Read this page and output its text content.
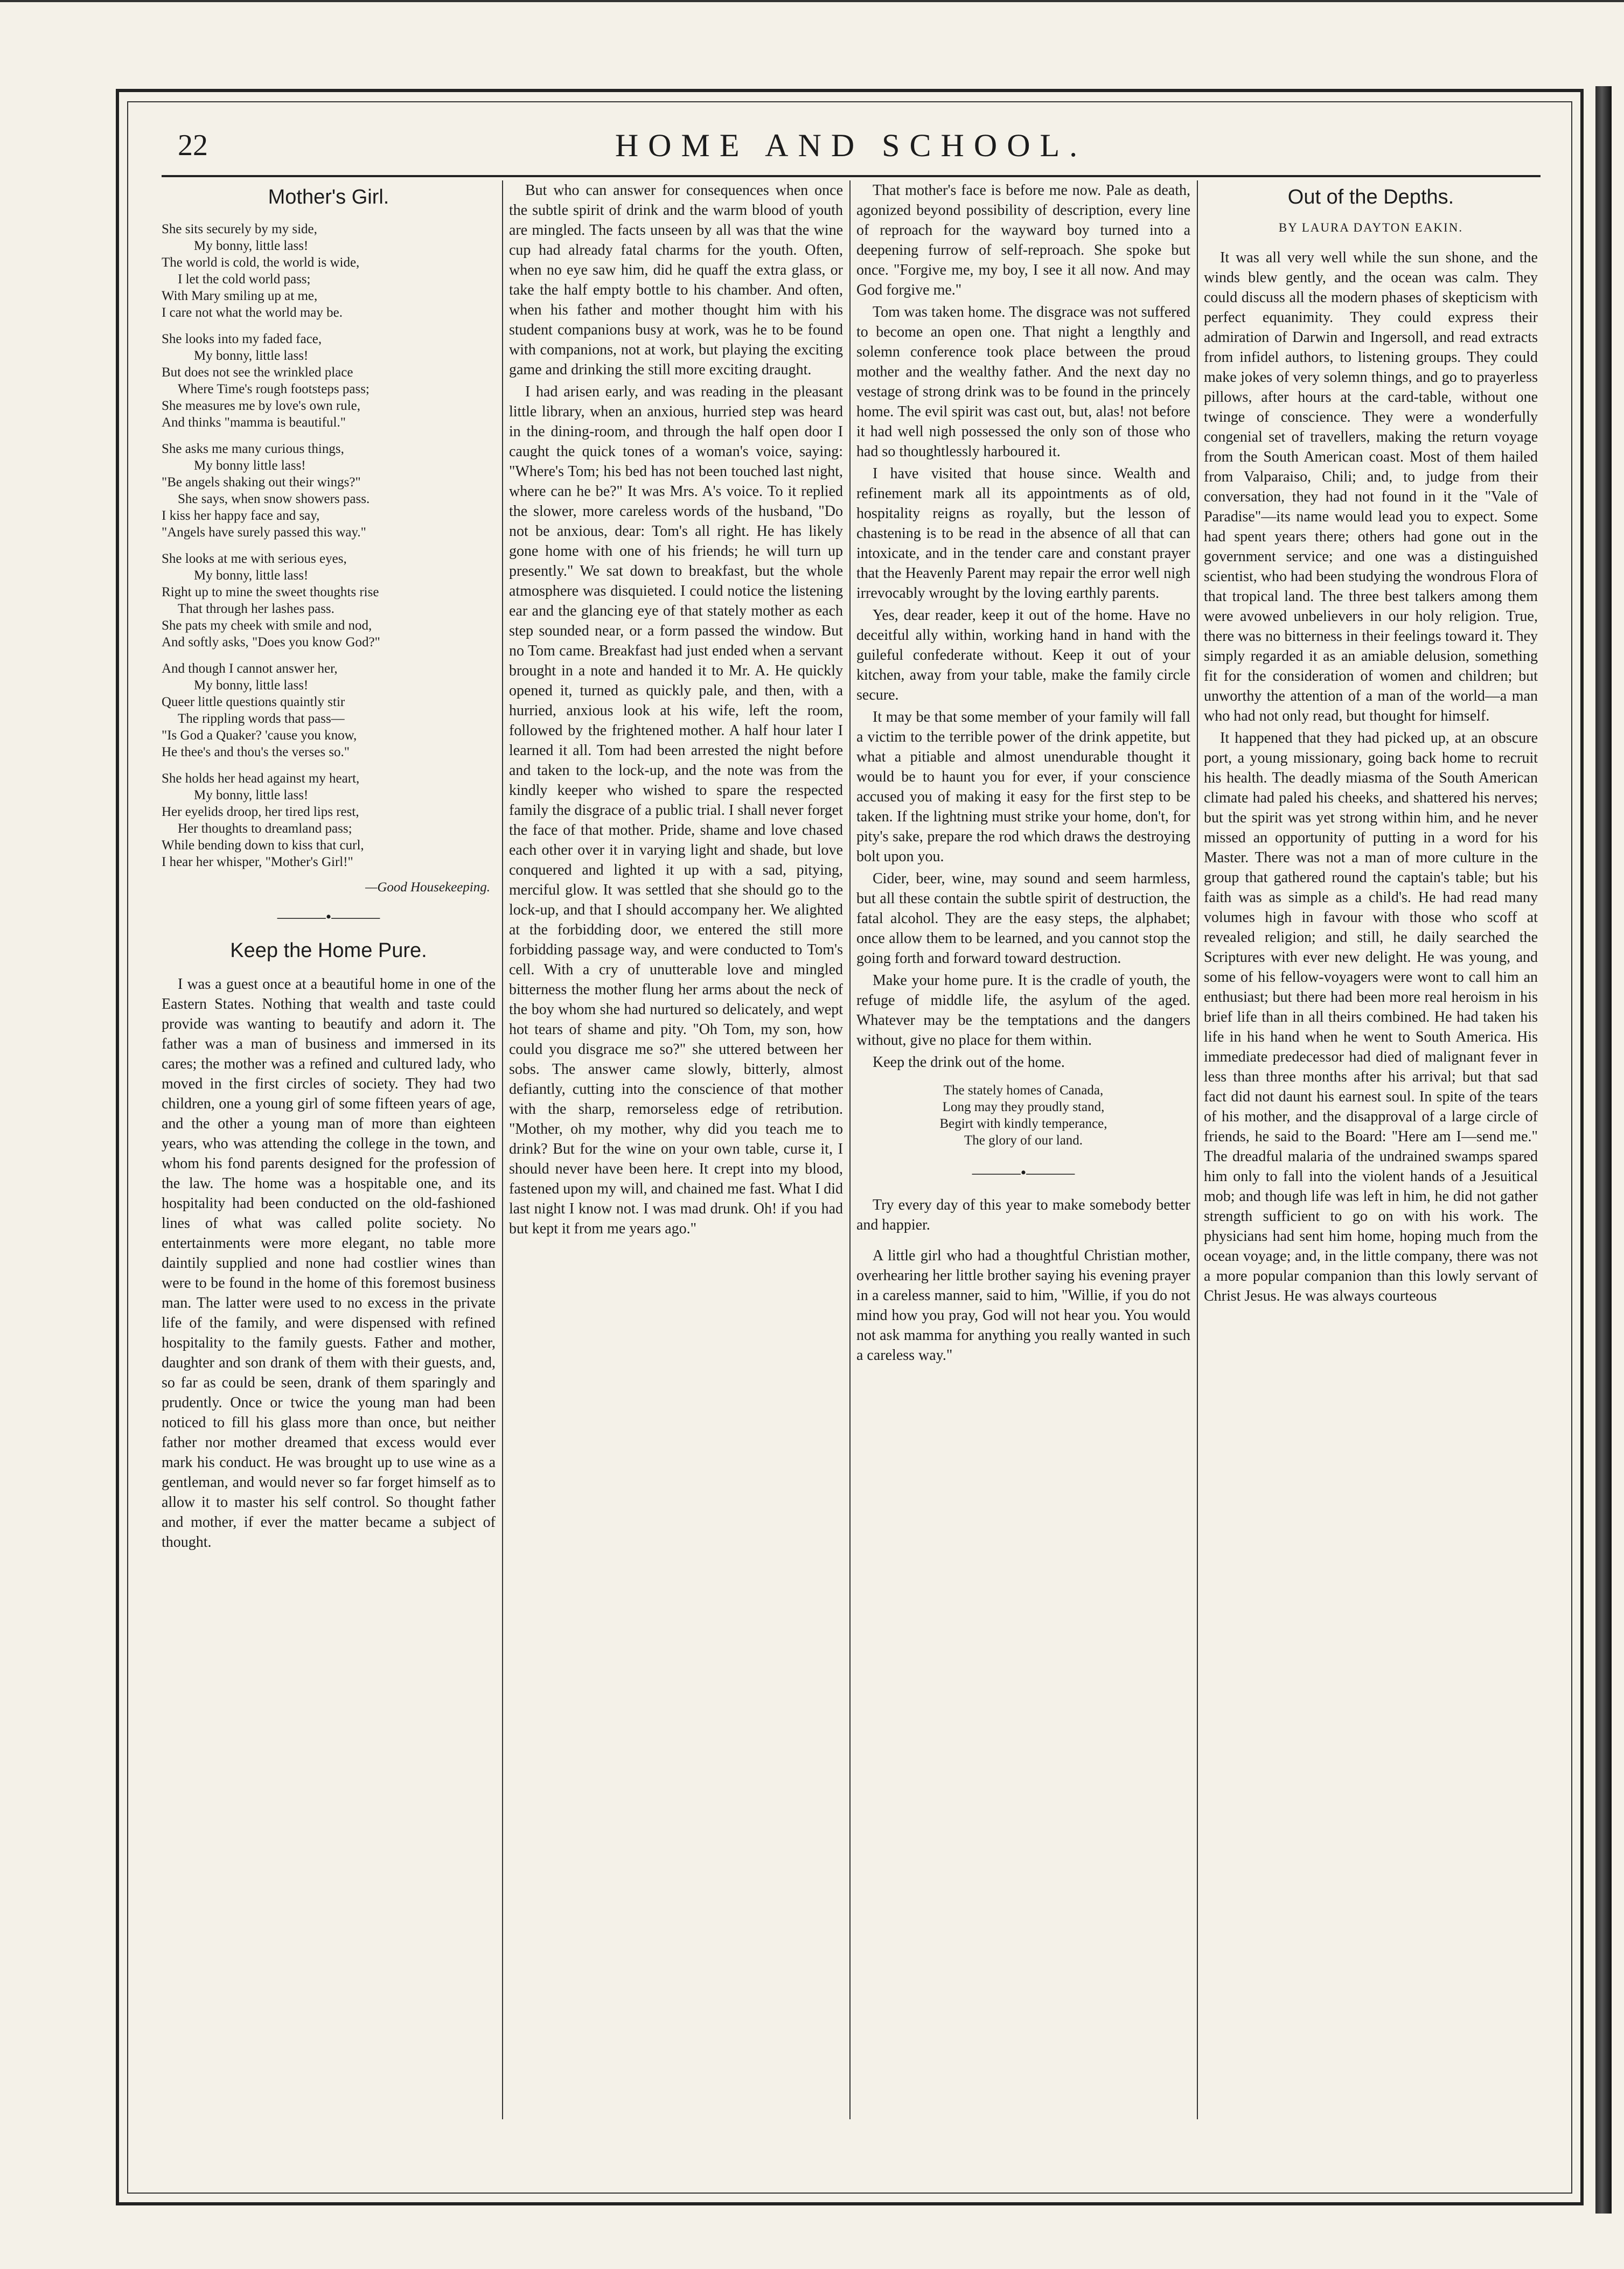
22	HOME AND SCHOOL.
Mother's Girl.
She sits securely by my side,
My bonny, little lass!
The world is cold, the world is wide,
I let the cold world pass;
With Mary smiling up at me,
I care not what the world may be.
She looks into my faded face,
My bonny, little lass!
But does not see the wrinkled place
Where Time's rough footsteps pass;
She measures me by love's own rule,
And thinks "mamma is beautiful."
She asks me many curious things,
My bonny little lass!
"Be angels shaking out their wings?"
She says, when snow showers pass.
I kiss her happy face and say,
"Angels have surely passed this way."
She looks at me with serious eyes,
My bonny, little lass!
Right up to mine the sweet thoughts rise
That through her lashes pass.
She pats my cheek with smile and nod,
And softly asks, "Does you know God?"
And though I cannot answer her,
My bonny, little lass!
Queer little questions quaintly stir
The rippling words that pass—
"Is God a Quaker? 'cause you know,
He thee's and thou's the verses so."
She holds her head against my heart,
My bonny, little lass!
Her eyelids droop, her tired lips rest,
Her thoughts to dreamland pass;
While bending down to kiss that curl,
I hear her whisper, "Mother's Girl!"
—Good Housekeeping.
———•———
Keep the Home Pure.

I was a guest once at a beautiful home in one of the Eastern States. Nothing that wealth and taste could provide was wanting to beautify and adorn it. The father was a man of business and immersed in its cares; the mother was a refined and cultured lady, who moved in the first circles of society. They had two children, one a young girl of some fifteen years of age, and the other a young man of more than eighteen years, who was attending the college in the town, and whom his fond parents designed for the profession of the law. The home was a hospitable one, and its hospitality had been conducted on the old-fashioned lines of what was called polite society. No entertainments were more elegant, no table more daintily supplied and none had costlier wines than were to be found in the home of this foremost business man. The latter were used to no excess in the private life of the family, and were dispensed with refined hospitality to the family guests. Father and mother, daughter and son drank of them with their guests, and, so far as could be seen, drank of them sparingly and prudently. Once or twice the young man had been noticed to fill his glass more than once, but neither father nor mother dreamed that excess would ever mark his conduct. He was brought up to use wine as a gentleman, and would never so far forget himself as to allow it to master his self control. So thought father and mother, if ever the matter became a subject of thought.

But who can answer for consequences when once the subtle spirit of drink and the warm blood of youth are mingled. The facts unseen by all was that the wine cup had already fatal charms for the youth. Often, when no eye saw him, did he quaff the extra glass, or take the half empty bottle to his chamber. And often, when his father and mother thought him with his student companions busy at work, was he to be found with companions, not at work, but playing the exciting game and drinking the still more exciting draught.

I had arisen early, and was reading in the pleasant little library, when an anxious, hurried step was heard in the dining-room, and through the half open door I caught the quick tones of a woman's voice, saying: "Where's Tom; his bed has not been touched last night, where can he be?" It was Mrs. A's voice. To it replied the slower, more careless words of the husband, "Do not be anxious, dear: Tom's all right. He has likely gone home with one of his friends; he will turn up presently." We sat down to breakfast, but the whole atmosphere was disquieted. I could notice the listening ear and the glancing eye of that stately mother as each step sounded near, or a form passed the window. But no Tom came. Breakfast had just ended when a servant brought in a note and handed it to Mr. A. He quickly opened it, turned as quickly pale, and then, with a hurried, anxious look at his wife, left the room, followed by the frightened mother. A half hour later I learned it all. Tom had been arrested the night before and taken to the lock-up, and the note was from the kindly keeper who wished to spare the respected family the disgrace of a public trial. I shall never forget the face of that mother. Pride, shame and love chased each other over it in varying light and shade, but love conquered and lighted it up with a sad, pitying, merciful glow. It was settled that she should go to the lock-up, and that I should accompany her. We alighted at the forbidding door, we entered the still more forbidding passage way, and were conducted to Tom's cell. With a cry of unutterable love and mingled bitterness the mother flung her arms about the neck of the boy whom she had nurtured so delicately, and wept hot tears of shame and pity. "Oh Tom, my son, how could you disgrace me so?" she uttered between her sobs. The answer came slowly, bitterly, almost defiantly, cutting into the conscience of that mother with the sharp, remorseless edge of retribution. "Mother, oh my mother, why did you teach me to drink? But for the wine on your own table, curse it, I should never have been here. It crept into my blood, fastened upon my will, and chained me fast. What I did last night I know not. I was mad drunk. Oh! if you had but kept it from me years ago."

That mother's face is before me now. Pale as death, agonized beyond possibility of description, every line of reproach for the wayward boy turned into a deepening furrow of self-reproach. She spoke but once. "Forgive me, my boy, I see it all now. And may God forgive me."

Tom was taken home. The disgrace was not suffered to become an open one. That night a lengthly and solemn conference took place between the proud mother and the wealthy father. And the next day no vestage of strong drink was to be found in the princely home. The evil spirit was cast out, but, alas! not before it had well nigh possessed the only son of those who had so thoughtlessly harboured it.

I have visited that house since. Wealth and refinement mark all its appointments as of old, hospitality reigns as royally, but the lesson of chastening is to be read in the absence of all that can intoxicate, and in the tender care and constant prayer that the Heavenly Parent may repair the error well nigh irrevocably wrought by the loving earthly parents.

Yes, dear reader, keep it out of the home. Have no deceitful ally within, working hand in hand with the guileful confederate without. Keep it out of your kitchen, away from your table, make the family circle secure.

It may be that some member of your family will fall a victim to the terrible power of the drink appetite, but what a pitiable and almost unendurable thought it would be to haunt you for ever, if your conscience accused you of making it easy for the first step to be taken. If the lightning must strike your home, don't, for pity's sake, prepare the rod which draws the destroying bolt upon you.

Cider, beer, wine, may sound and seem harmless, but all these contain the subtle spirit of destruction, the fatal alcohol. They are the easy steps, the alphabet; once allow them to be learned, and you cannot stop the going forth and forward toward destruction.

Make your home pure. It is the cradle of youth, the refuge of middle life, the asylum of the aged. Whatever may be the temptations and the dangers without, give no place for them within.

Keep the drink out of the home.

The stately homes of Canada,
Long may they proudly stand,
Begirt with kindly temperance,
The glory of our land.
———•———

Try every day of this year to make somebody better and happier.

A little girl who had a thoughtful Christian mother, overhearing her little brother saying his evening prayer in a careless manner, said to him, "Willie, if you do not mind how you pray, God will not hear you. You would not ask mamma for anything you really wanted in such a careless way."

Out of the Depths.
BY LAURA DAYTON EAKIN.

It was all very well while the sun shone, and the winds blew gently, and the ocean was calm. They could discuss all the modern phases of skepticism with perfect equanimity. They could express their admiration of Darwin and Ingersoll, and read extracts from infidel authors, to listening groups. They could make jokes of very solemn things, and go to prayerless pillows, after hours at the card-table, without one twinge of conscience. They were a wonderfully congenial set of travellers, making the return voyage from the South American coast. Most of them hailed from Valparaiso, Chili; and, to judge from their conversation, they had not found in it the "Vale of Paradise"—its name would lead you to expect. Some had spent years there; others had gone out in the government service; and one was a distinguished scientist, who had been studying the wondrous Flora of that tropical land. The three best talkers among them were avowed unbelievers in our holy religion. True, there was no bitterness in their feelings toward it. They simply regarded it as an amiable delusion, something fit for the consideration of women and children; but unworthy the attention of a man of the world—a man who had not only read, but thought for himself.

It happened that they had picked up, at an obscure port, a young missionary, going back home to recruit his health. The deadly miasma of the South American climate had paled his cheeks, and shattered his nerves; but the spirit was yet strong within him, and he never missed an opportunity of putting in a word for his Master. There was not a man of more culture in the group that gathered round the captain's table; but his faith was as simple as a child's. He had read many volumes high in favour with those who scoff at revealed religion; and still, he daily searched the Scriptures with ever new delight. He was young, and some of his fellow-voyagers were wont to call him an enthusiast; but there had been more real heroism in his brief life than in all theirs combined. He had taken his life in his hand when he went to South America. His immediate predecessor had died of malignant fever in less than three months after his arrival; but that sad fact did not daunt his earnest soul. In spite of the tears of his mother, and the disapproval of a large circle of friends, he said to the Board: "Here am I—send me." The dreadful malaria of the undrained swamps spared him only to fall into the violent hands of a Jesuitical mob; and though life was left in him, he did not gather strength sufficient to go on with his work. The physicians had sent him home, hoping much from the ocean voyage; and, in the little company, there was not a more popular companion than this lowly servant of Christ Jesus. He was always courteous
